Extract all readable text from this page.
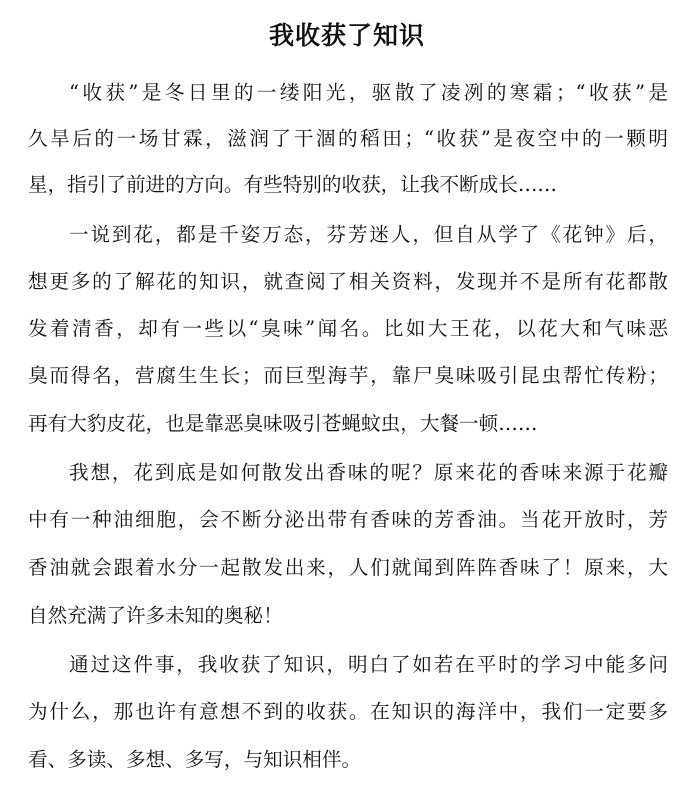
我收获了知识
“收获”是冬日里的一缕阳光，驱散了凌冽的寒霜；“收获”是
久旱后的一场甘霖，滋润了干涸的稻田；“收获”是夜空中的一颗明
星，指引了前进的方向。有些特别的收获，让我不断成长……
一说到花，都是千姿万态，芬芳迷人，但自从学了《花钟》后，
想更多的了解花的知识，就查阅了相关资料，发现并不是所有花都散
发着清香，却有一些以“臭味”闻名。比如大王花，以花大和气味恶
臭而得名，营腐生生长；而巨型海芋，靠尸臭味吸引昆虫帮忙传粉；
再有大豹皮花，也是靠恶臭味吸引苍蝇蚊虫，大餐一顿……
我想，花到底是如何散发出香味的呢？原来花的香味来源于花瓣
中有一种油细胞，会不断分泌出带有香味的芳香油。当花开放时，芳
香油就会跟着水分一起散发出来，人们就闻到阵阵香味了！原来，大
自然充满了许多未知的奥秘！
通过这件事，我收获了知识，明白了如若在平时的学习中能多问
为什么，那也许有意想不到的收获。在知识的海洋中，我们一定要多
看、多读、多想、多写，与知识相伴。
